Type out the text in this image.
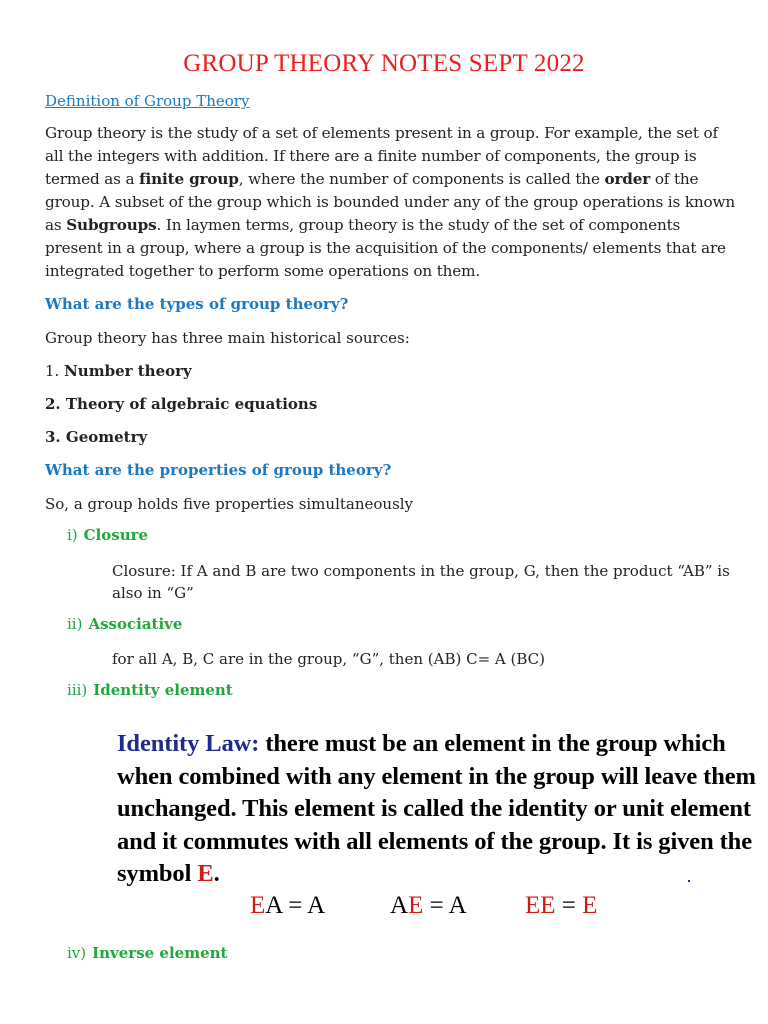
GROUP THEORY NOTES SEPT 2022
Definition of Group Theory
Group theory is the study of a set of elements present in a group. For example, the set of all the integers with addition. If there are a finite number of components, the group is termed as a finite group, where the number of components is called the order of the group. A subset of the group which is bounded under any of the group operations is known as Subgroups. In laymen terms, group theory is the study of the set of components present in a group, where a group is the acquisition of the components/ elements that are integrated together to perform some operations on them.
What are the types of group theory?
Group theory has three main historical sources:
1. Number theory
2. Theory of algebraic equations
3. Geometry
What are the properties of group theory?
So, a group holds five properties simultaneously
i) Closure
Closure: If A and B are two components in the group, G, then the product “AB” is also in “G”
ii) Associative
for all A, B, C are in the group, “G”, then (AB) C= A (BC)
iii) Identity element
Identity Law: there must be an element in the group which when combined with any element in the group will leave them unchanged. This element is called the identity or unit element and it commutes with all elements of the group. It is given the symbol E.
EA = A	AE = A EE = E
iv) Inverse element
